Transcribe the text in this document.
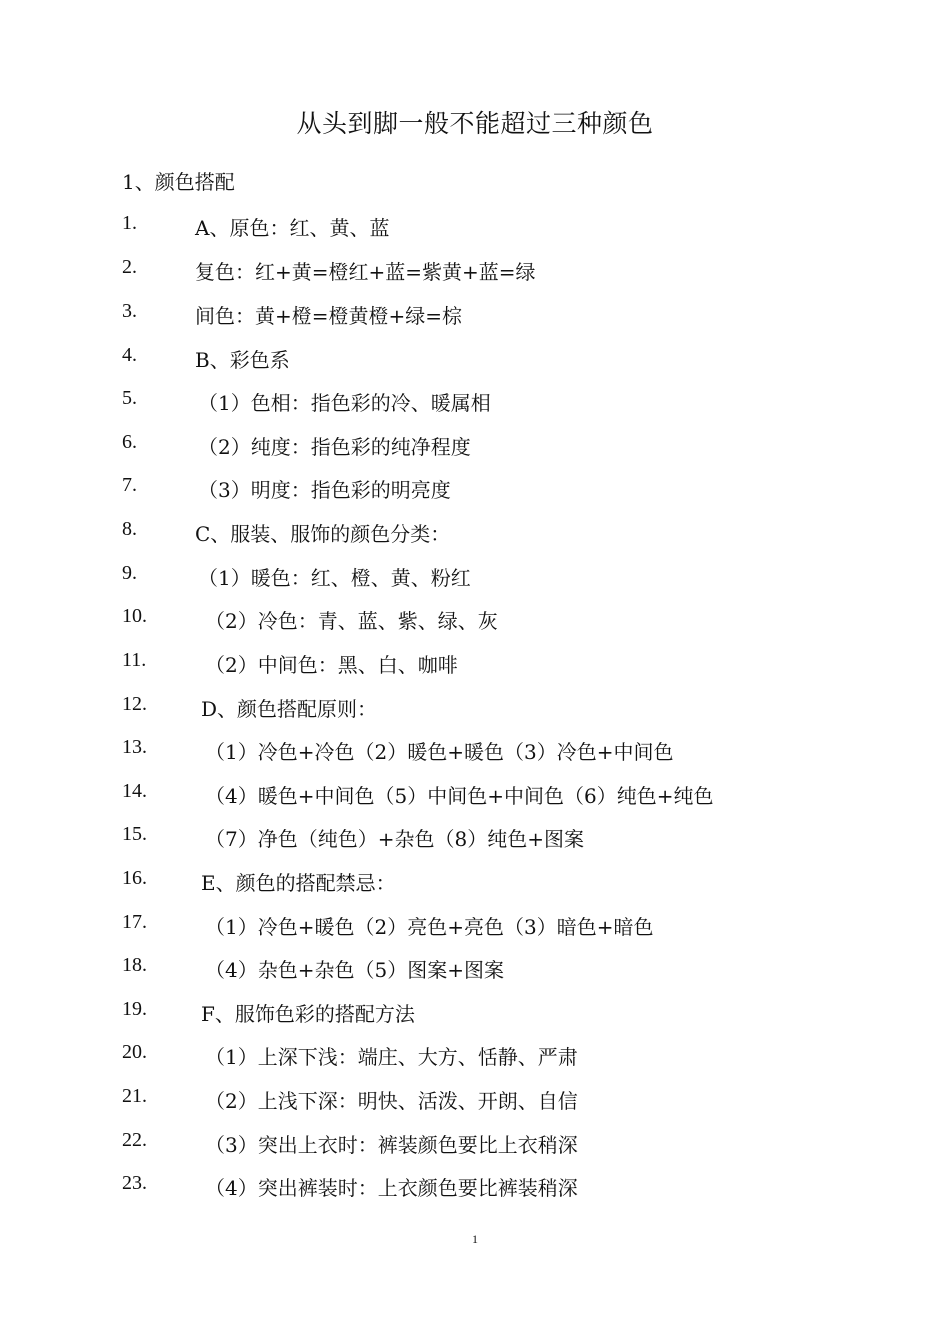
从头到脚一般不能超过三种颜色
1、颜色搭配
1.	A、原色：红、黄、蓝
2.	复色：红+黄=橙红+蓝=紫黄+蓝=绿
3.	间色：黄+橙=橙黄橙+绿=棕
4.	B、彩色系
5.	（1）色相：指色彩的冷、暖属相
6.	（2）纯度：指色彩的纯净程度
7.	（3）明度：指色彩的明亮度
8.	C、服装、服饰的颜色分类：
9.	（1）暖色：红、橙、黄、粉红
10.	（2）冷色：青、蓝、紫、绿、灰
11.	（2）中间色：黑、白、咖啡
12.	D、颜色搭配原则：
13.	（1）冷色+冷色（2）暖色+暖色（3）冷色+中间色
14.	（4）暖色+中间色（5）中间色+中间色（6）纯色+纯色
15.	（7）净色（纯色）+杂色（8）纯色+图案
16.	E、颜色的搭配禁忌：
17.	（1）冷色+暖色（2）亮色+亮色（3）暗色+暗色
18.	（4）杂色+杂色（5）图案+图案
19.	F、服饰色彩的搭配方法
20.	（1）上深下浅：端庄、大方、恬静、严肃
21.	（2）上浅下深：明快、活泼、开朗、自信
22.	（3）突出上衣时：裤装颜色要比上衣稍深
23.	（4）突出裤装时：上衣颜色要比裤装稍深
1
